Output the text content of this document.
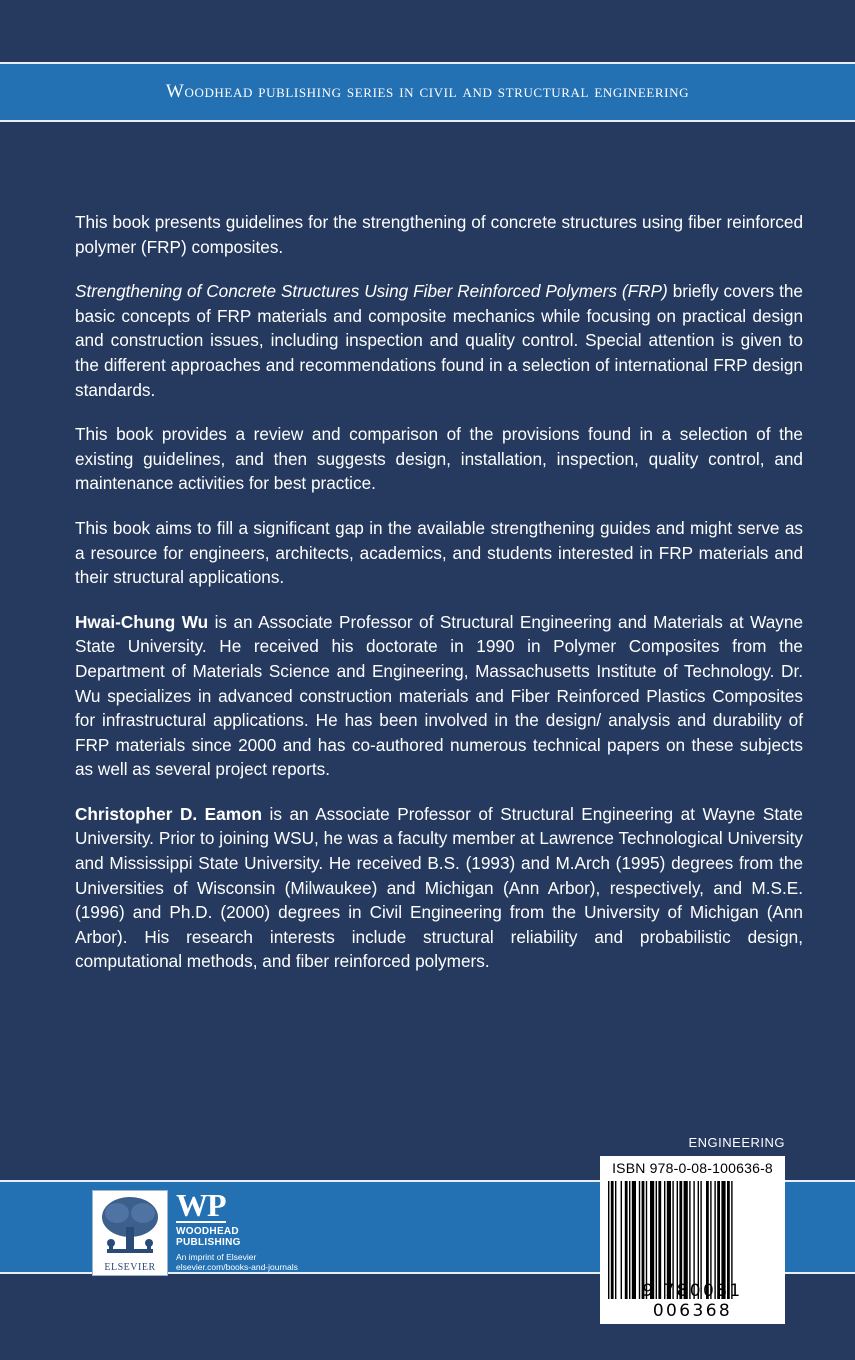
Woodhead publishing series in civil and structural engineering

This book presents guidelines for the strengthening of concrete structures using fiber reinforced polymer (FRP) composites.

Strengthening of Concrete Structures Using Fiber Reinforced Polymers (FRP) briefly covers the basic concepts of FRP materials and composite mechanics while focusing on practical design and construction issues, including inspection and quality control. Special attention is given to the different approaches and recommendations found in a selection of international FRP design standards.

This book provides a review and comparison of the provisions found in a selection of the existing guidelines, and then suggests design, installation, inspection, quality control, and maintenance activities for best practice.

This book aims to fill a significant gap in the available strengthening guides and might serve as a resource for engineers, architects, academics, and students interested in FRP materials and their structural applications.

Hwai-Chung Wu is an Associate Professor of Structural Engineering and Materials at Wayne State University. He received his doctorate in 1990 in Polymer Composites from the Department of Materials Science and Engineering, Massachusetts Institute of Technology. Dr. Wu specializes in advanced construction materials and Fiber Reinforced Plastics Composites for infrastructural applications. He has been involved in the design/ analysis and durability of FRP materials since 2000 and has co-authored numerous technical papers on these subjects as well as several project reports.

Christopher D. Eamon is an Associate Professor of Structural Engineering at Wayne State University. Prior to joining WSU, he was a faculty member at Lawrence Technological University and Mississippi State University. He received B.S. (1993) and M.Arch (1995) degrees from the Universities of Wisconsin (Milwaukee) and Michigan (Ann Arbor), respectively, and M.S.E. (1996) and Ph.D. (2000) degrees in Civil Engineering from the University of Michigan (Ann Arbor). His research interests include structural reliability and probabilistic design, computational methods, and fiber reinforced polymers.

ENGINEERING
ELSEVIER
WP
WOODHEAD
PUBLISHING
An imprint of Elsevier
elsevier.com/books-and-journals
ISBN 978-0-08-100636-8
9 780081 006368
